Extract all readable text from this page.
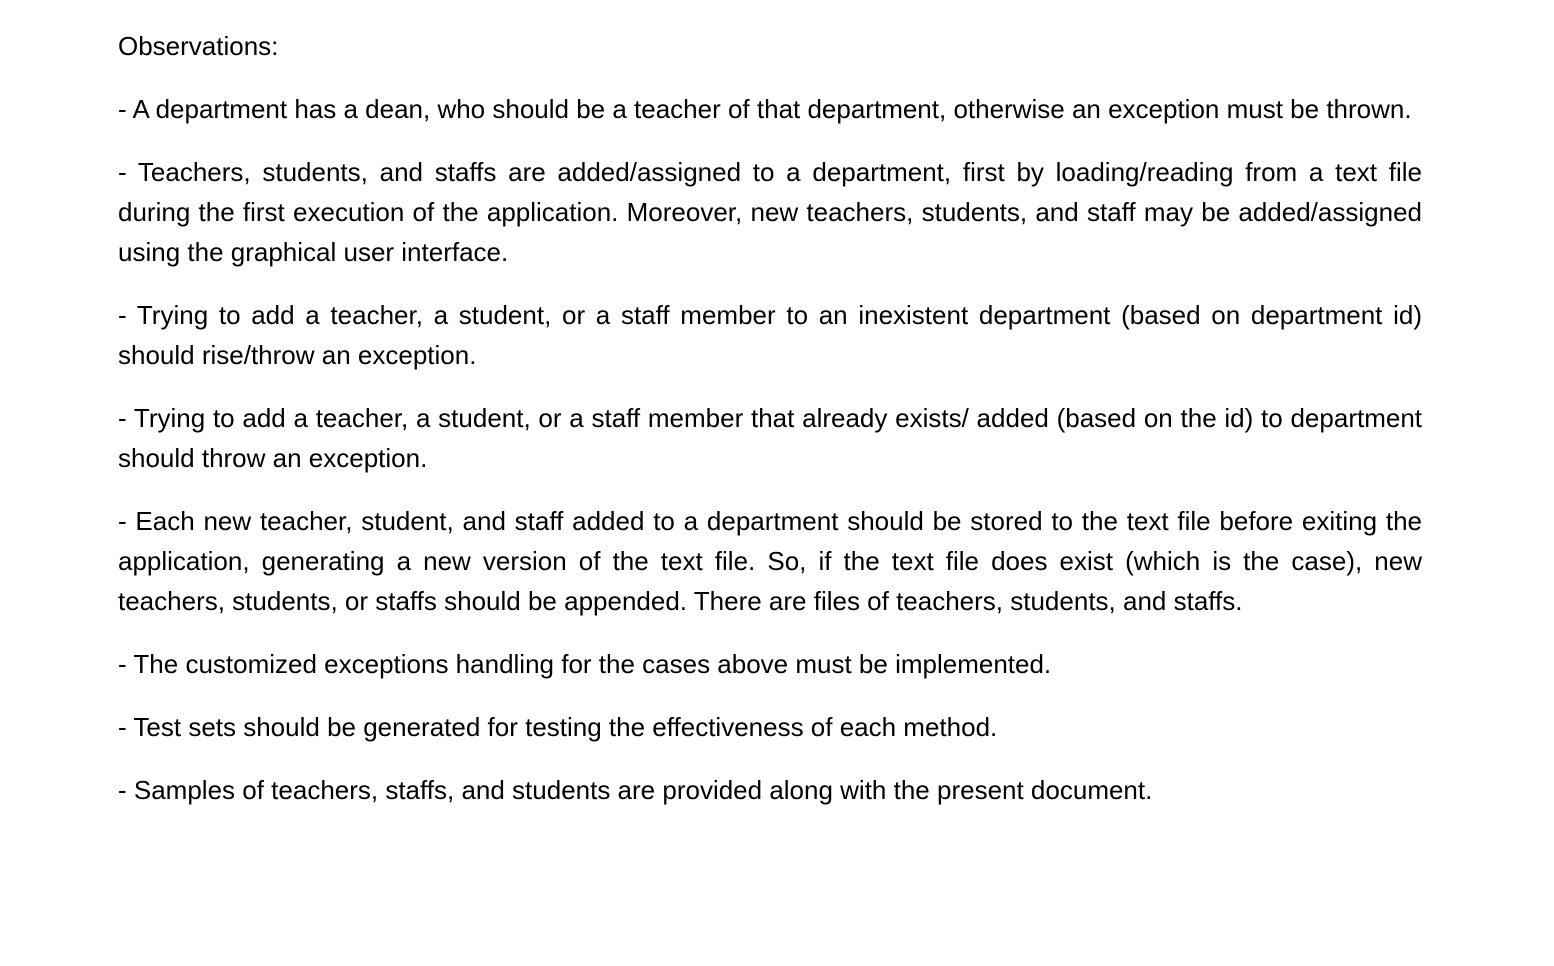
Observations:

- A department has a dean, who should be a teacher of that department, otherwise an exception must be thrown.

- Teachers, students, and staffs are added/assigned to a department, first by loading/reading from a text file during the first execution of the application. Moreover, new teachers, students, and staff may be added/assigned using the graphical user interface.

- Trying to add a teacher, a student, or a staff member to an inexistent department (based on department id) should rise/throw an exception.

- Trying to add a teacher, a student, or a staff member that already exists/ added (based on the id) to department should throw an exception.

- Each new teacher, student, and staff added to a department should be stored to the text file before exiting the application, generating a new version of the text file. So, if the text file does exist (which is the case), new teachers, students, or staffs should be appended. There are files of teachers, students, and staffs.

- The customized exceptions handling for the cases above must be implemented.

- Test sets should be generated for testing the effectiveness of each method.

- Samples of teachers, staffs, and students are provided along with the present document.
